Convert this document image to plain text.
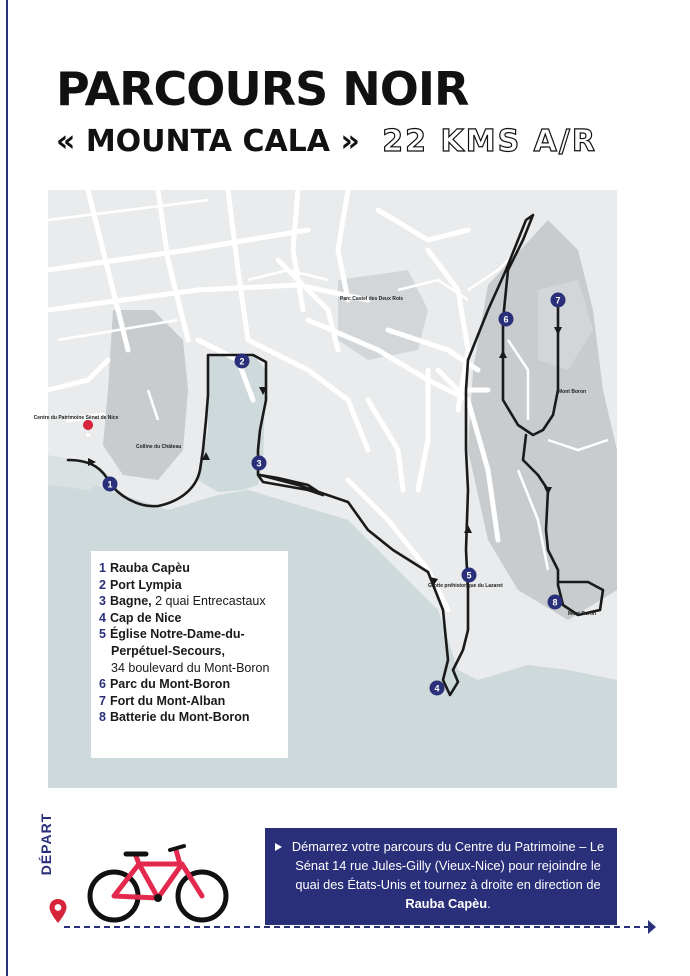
PARCOURS NOIR
« MOUNTA CALA » 22 KMS A/R
1
2
3
4
5
6
7
8
Centre du Patrimoine Sénat de Nice
Colline du Château
Parc Castel des Deux Rois
Grotte préhistorique du Lazaret
Mont Boron
Mont Boron
1 Rauba Capèu
2 Port Lympia
3 Bagne, 2 quai Entrecastaux
4 Cap de Nice
5 Église Notre-Dame-du-
Perpétuel-Secours,
34 boulevard du Mont-Boron
6 Parc du Mont-Boron
7 Fort du Mont-Alban
8 Batterie du Mont-Boron
DÉPART	Démarrez votre parcours du Centre du Patrimoine – Le Sénat 14 rue Jules-Gilly (Vieux-Nice) pour rejoindre le quai des États-Unis et tournez à droite en direction de Rauba Capèu.
